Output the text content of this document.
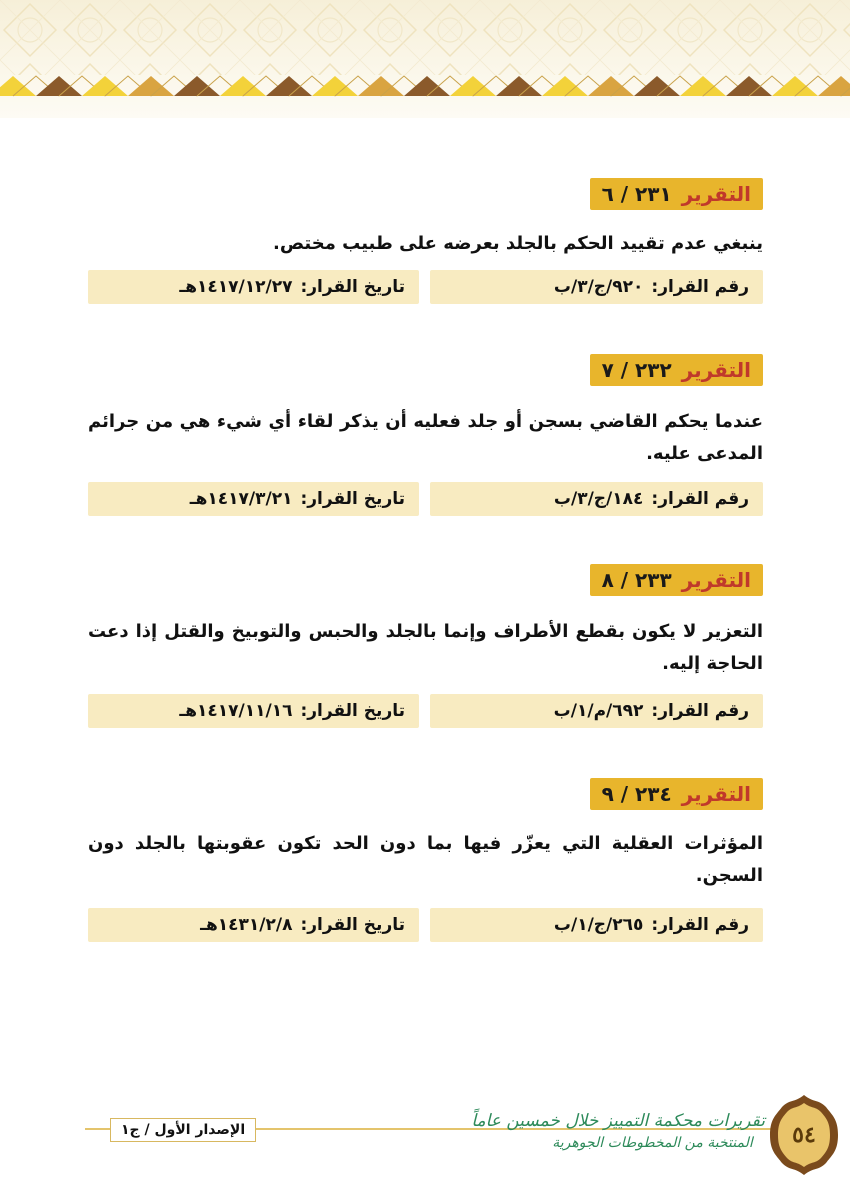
التقرير
٢٣١ / ٦

ينبغي عدم تقييد الحكم بالجلد بعرضه على طبيب مختص.

رقم القرار:
٩٢٠/ج/٣/ب
تاريخ القرار:
١٤١٧/١٢/٢٧هـ
التقرير
٢٣٢ / ٧

عندما يحكم القاضي بسجن أو جلد فعليه أن يذكر لقاء أي شيء هي من جرائم المدعى عليه.

رقم القرار:
١٨٤/ج/٣/ب
تاريخ القرار:
١٤١٧/٣/٢١هـ
التقرير
٢٣٣ / ٨

التعزير لا يكون بقطع الأطراف وإنما بالجلد والحبس والتوبيخ والقتل إذا دعت الحاجة إليه.

رقم القرار:
٦٩٢/م/١/ب
تاريخ القرار:
١٤١٧/١١/١٦هـ
التقرير
٢٣٤ / ٩

المؤثرات العقلية التي يعزّر فيها بما دون الحد تكون عقوبتها بالجلد دون السجن.

رقم القرار:
٢٦٥/ج/١/ب
تاريخ القرار:
١٤٣١/٢/٨هـ
الإصدار الأول / ج١	تقريرات محكمة التمييز خلال خمسين عاماً
المنتخبة من المخطوطات الجوهرية	٥٤
